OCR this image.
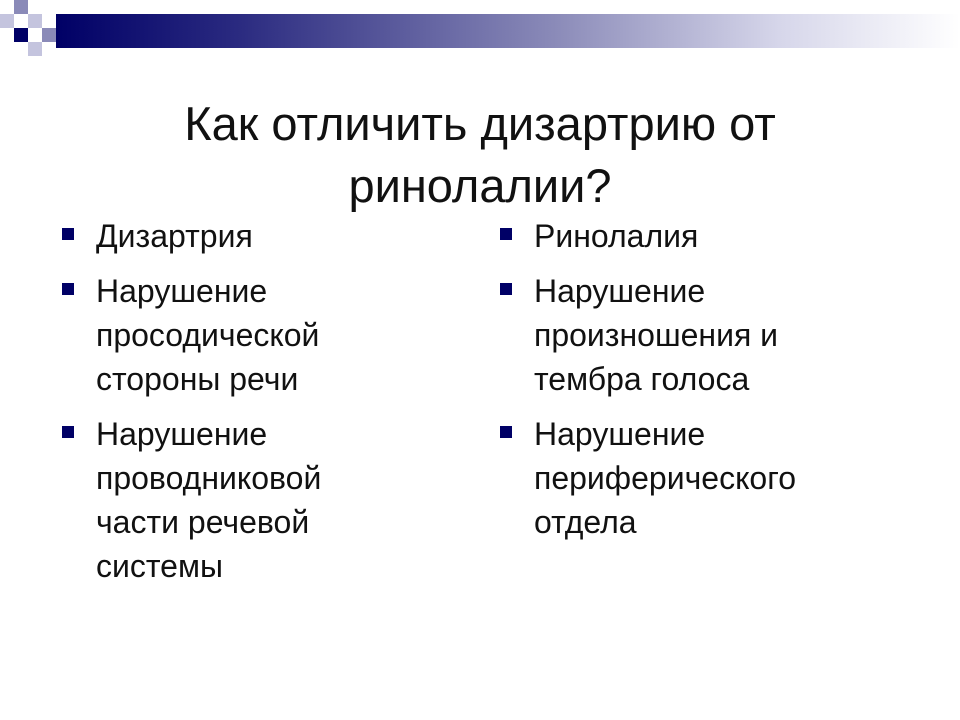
Как отличить дизартрию от
ринолалии?
Дизартрия
Нарушение
просодической
стороны речи
Нарушение
проводниковой
части речевой
системы
Ринолалия
Нарушение
произношения и
тембра голоса
Нарушение
периферического
отдела
